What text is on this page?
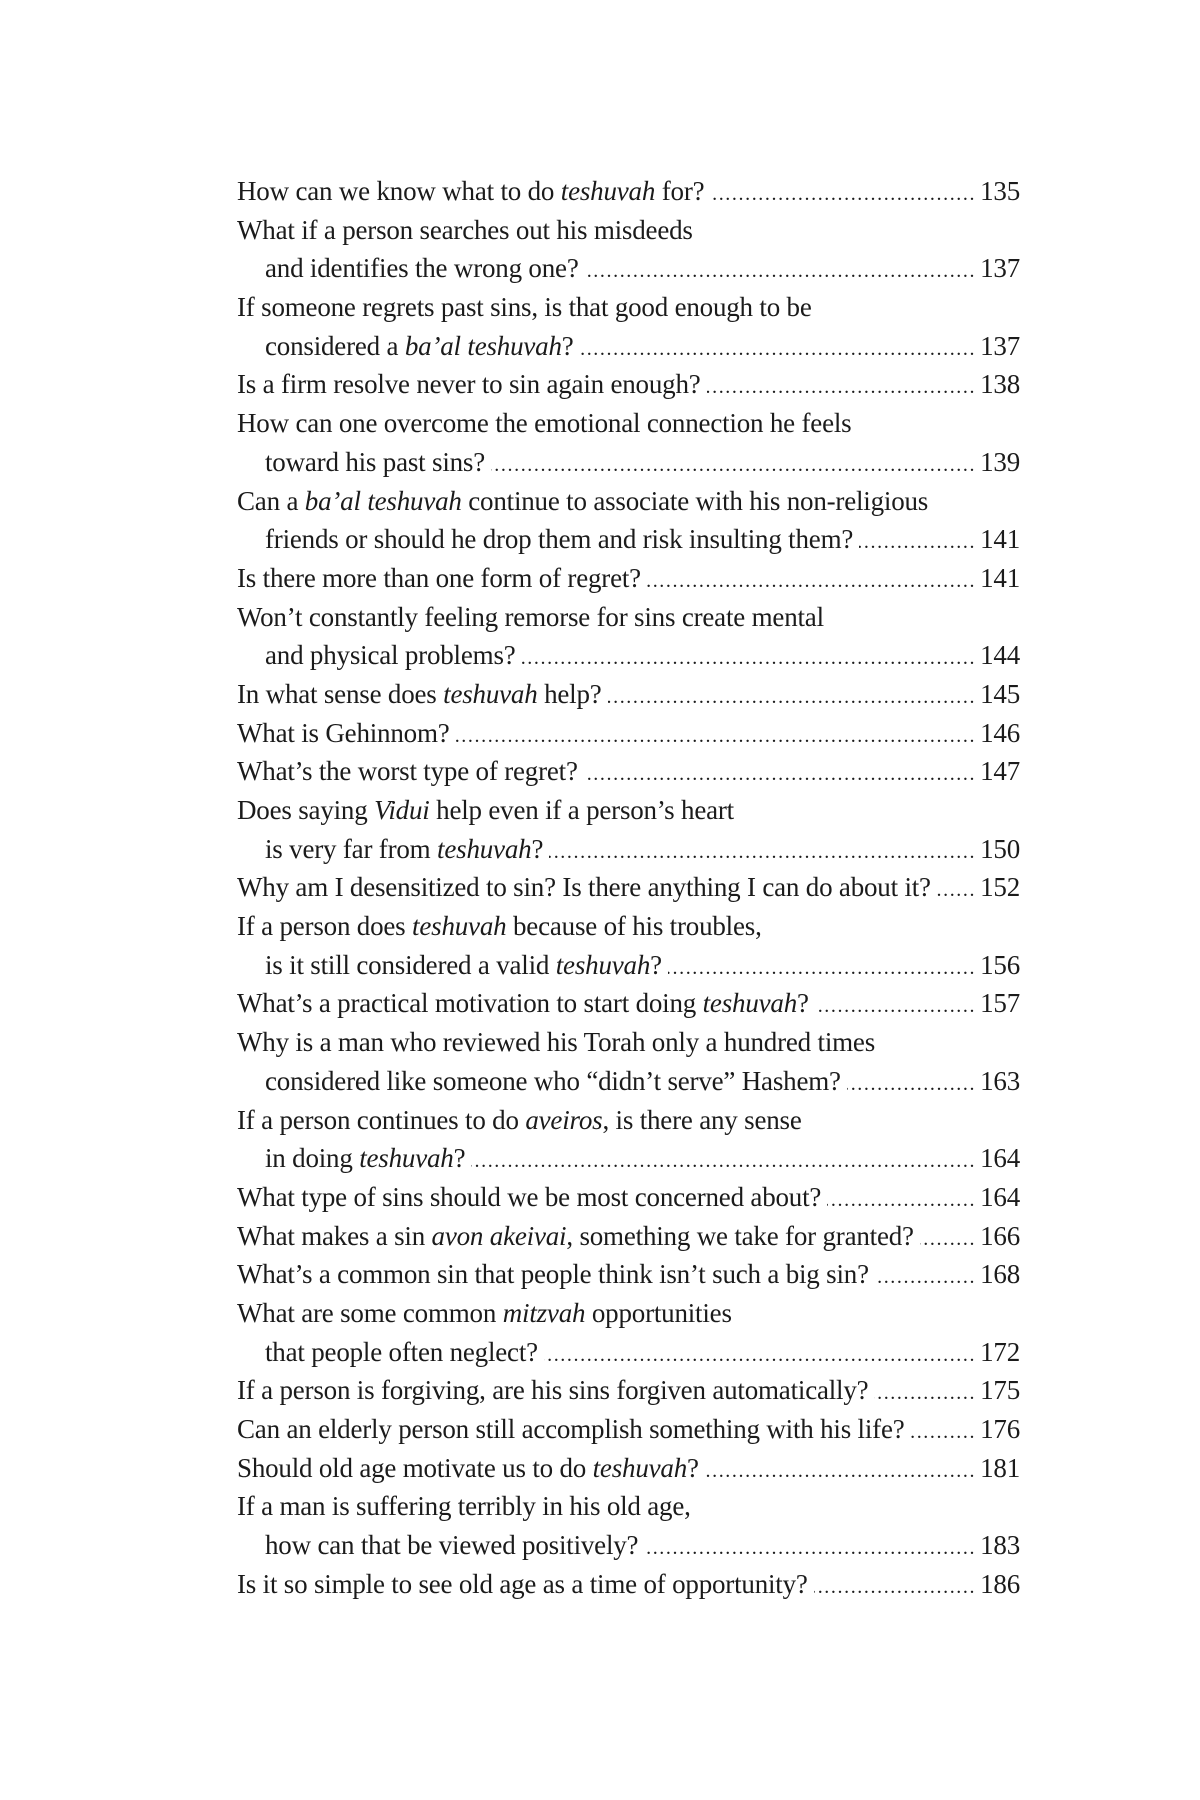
How can we know what to do teshuvah for? .....	135
What if a person searches out his misdeeds
and identifies the wrong one? .....	137
If someone regrets past sins, is that good enough to be
considered a ba’al teshuvah? .....	137
Is a firm resolve never to sin again enough? .....	138
How can one overcome the emotional connection he feels
toward his past sins? .....	139
Can a ba’al teshuvah continue to associate with his non-religious
friends or should he drop them and risk insulting them? .....	141
Is there more than one form of regret? .....	141
Won’t constantly feeling remorse for sins create mental
and physical problems? .....	144
In what sense does teshuvah help? .....	145
What is Gehinnom? .....	146
What’s the worst type of regret? .....	147
Does saying Vidui help even if a person’s heart
is very far from teshuvah? .....	150
Why am I desensitized to sin? Is there anything I can do about it? ..... 152
If a person does teshuvah because of his troubles,
is it still considered a valid teshuvah? .....	156
What’s a practical motivation to start doing teshuvah? .....	157
Why is a man who reviewed his Torah only a hundred times
considered like someone who “didn’t serve” Hashem? .....	163
If a person continues to do aveiros, is there any sense
in doing teshuvah? .....	164
What type of sins should we be most concerned about? .....	164
What makes a sin avon akeivai, something we take for granted? ..... 166
What’s a common sin that people think isn’t such a big sin? .....	168
What are some common mitzvah opportunities
that people often neglect? .....	172
If a person is forgiving, are his sins forgiven automatically? .....	175
Can an elderly person still accomplish something with his life? .....	176
Should old age motivate us to do teshuvah? .....	181
If a man is suffering terribly in his old age,
how can that be viewed positively? .....	183
Is it so simple to see old age as a time of opportunity? .....	186
